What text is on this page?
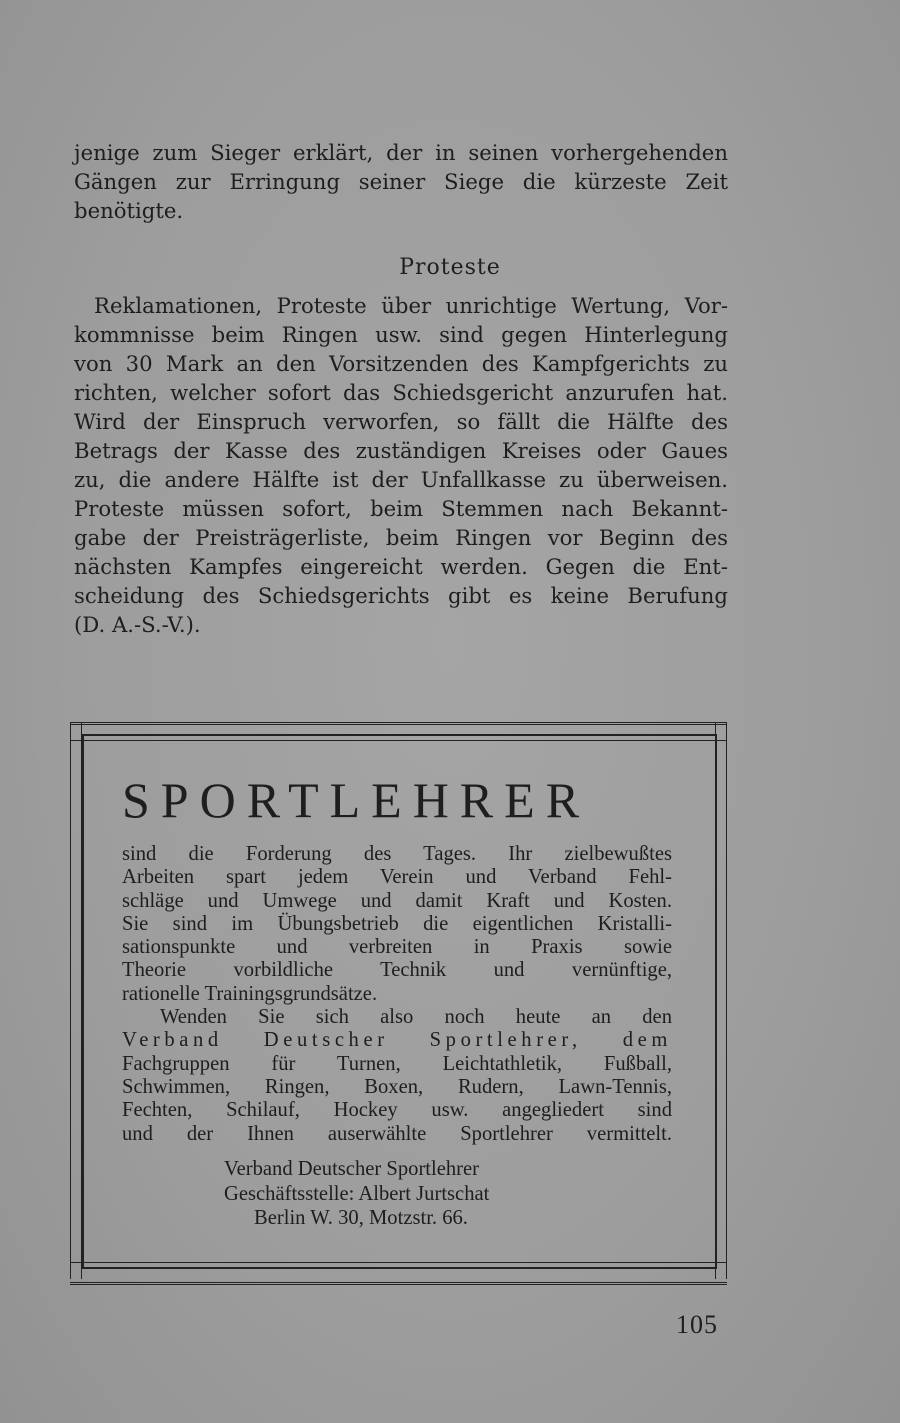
jenige zum Sieger erklärt, der in seinen vorhergehenden
Gängen zur Erringung seiner Siege die kürzeste Zeit
benötigte.
Proteste
Reklamationen, Proteste über unrichtige Wertung, Vor-
kommnisse beim Ringen usw. sind gegen Hinterlegung
von 30 Mark an den Vorsitzenden des Kampfgerichts zu
richten, welcher sofort das Schiedsgericht anzurufen hat.
Wird der Einspruch verworfen, so fällt die Hälfte des
Betrags der Kasse des zuständigen Kreises oder Gaues
zu, die andere Hälfte ist der Unfallkasse zu überweisen.
Proteste müssen sofort, beim Stemmen nach Bekannt-
gabe der Preisträgerliste, beim Ringen vor Beginn des
nächsten Kampfes eingereicht werden. Gegen die Ent-
scheidung des Schiedsgerichts gibt es keine Berufung
(D. A.-S.-V.).
SPORTLEHRER
sind die Forderung des Tages. Ihr zielbewußtes
Arbeiten spart jedem Verein und Verband Fehl-
schläge und Umwege und damit Kraft und Kosten.
Sie sind im Übungsbetrieb die eigentlichen Kristalli-
sationspunkte und verbreiten in Praxis sowie
Theorie vorbildliche Technik und vernünftige,
rationelle Trainingsgrundsätze.
Wenden Sie sich also noch heute an den
Verband Deutscher Sportlehrer, dem
Fachgruppen für Turnen, Leichtathletik, Fußball,
Schwimmen, Ringen, Boxen, Rudern, Lawn-Tennis,
Fechten, Schilauf, Hockey usw. angegliedert sind
und der Ihnen auserwählte Sportlehrer vermittelt.
Verband Deutscher Sportlehrer
Geschäftsstelle: Albert Jurtschat
Berlin W. 30, Motzstr. 66.
105
